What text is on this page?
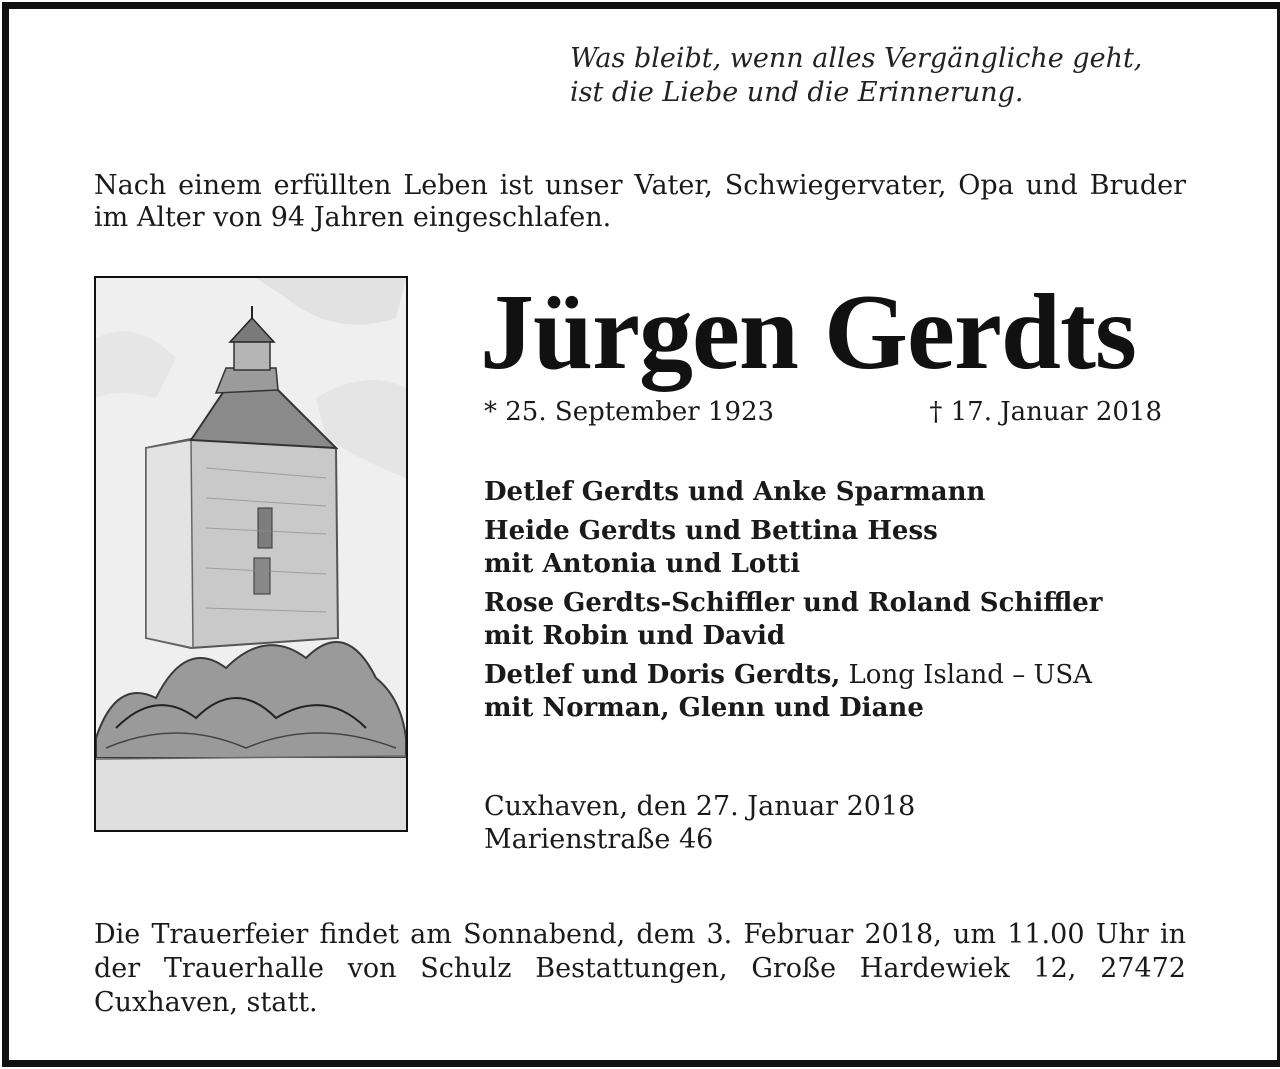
Was bleibt, wenn alles Vergängliche geht,
ist die Liebe und die Erinnerung.
Nach einem erfüllten Leben ist unser Vater, Schwiegervater, Opa und Bruder im Alter von 94 Jahren eingeschlafen.
Jürgen Gerdts
* 25. September 1923	† 17. Januar 2018
Detlef Gerdts und Anke Sparmann
Heide Gerdts und Bettina Hess
mit Antonia und Lotti
Rose Gerdts-Schiffler und Roland Schiffler
mit Robin und David
Detlef und Doris Gerdts, Long Island – USA
mit Norman, Glenn und Diane
Cuxhaven, den 27. Januar 2018
Marienstraße 46
Die Trauerfeier findet am Sonnabend, dem 3. Februar 2018, um 11.00 Uhr in der Trauerhalle von Schulz Bestattungen, Große Hardewiek 12, 27472 Cuxhaven, statt.
